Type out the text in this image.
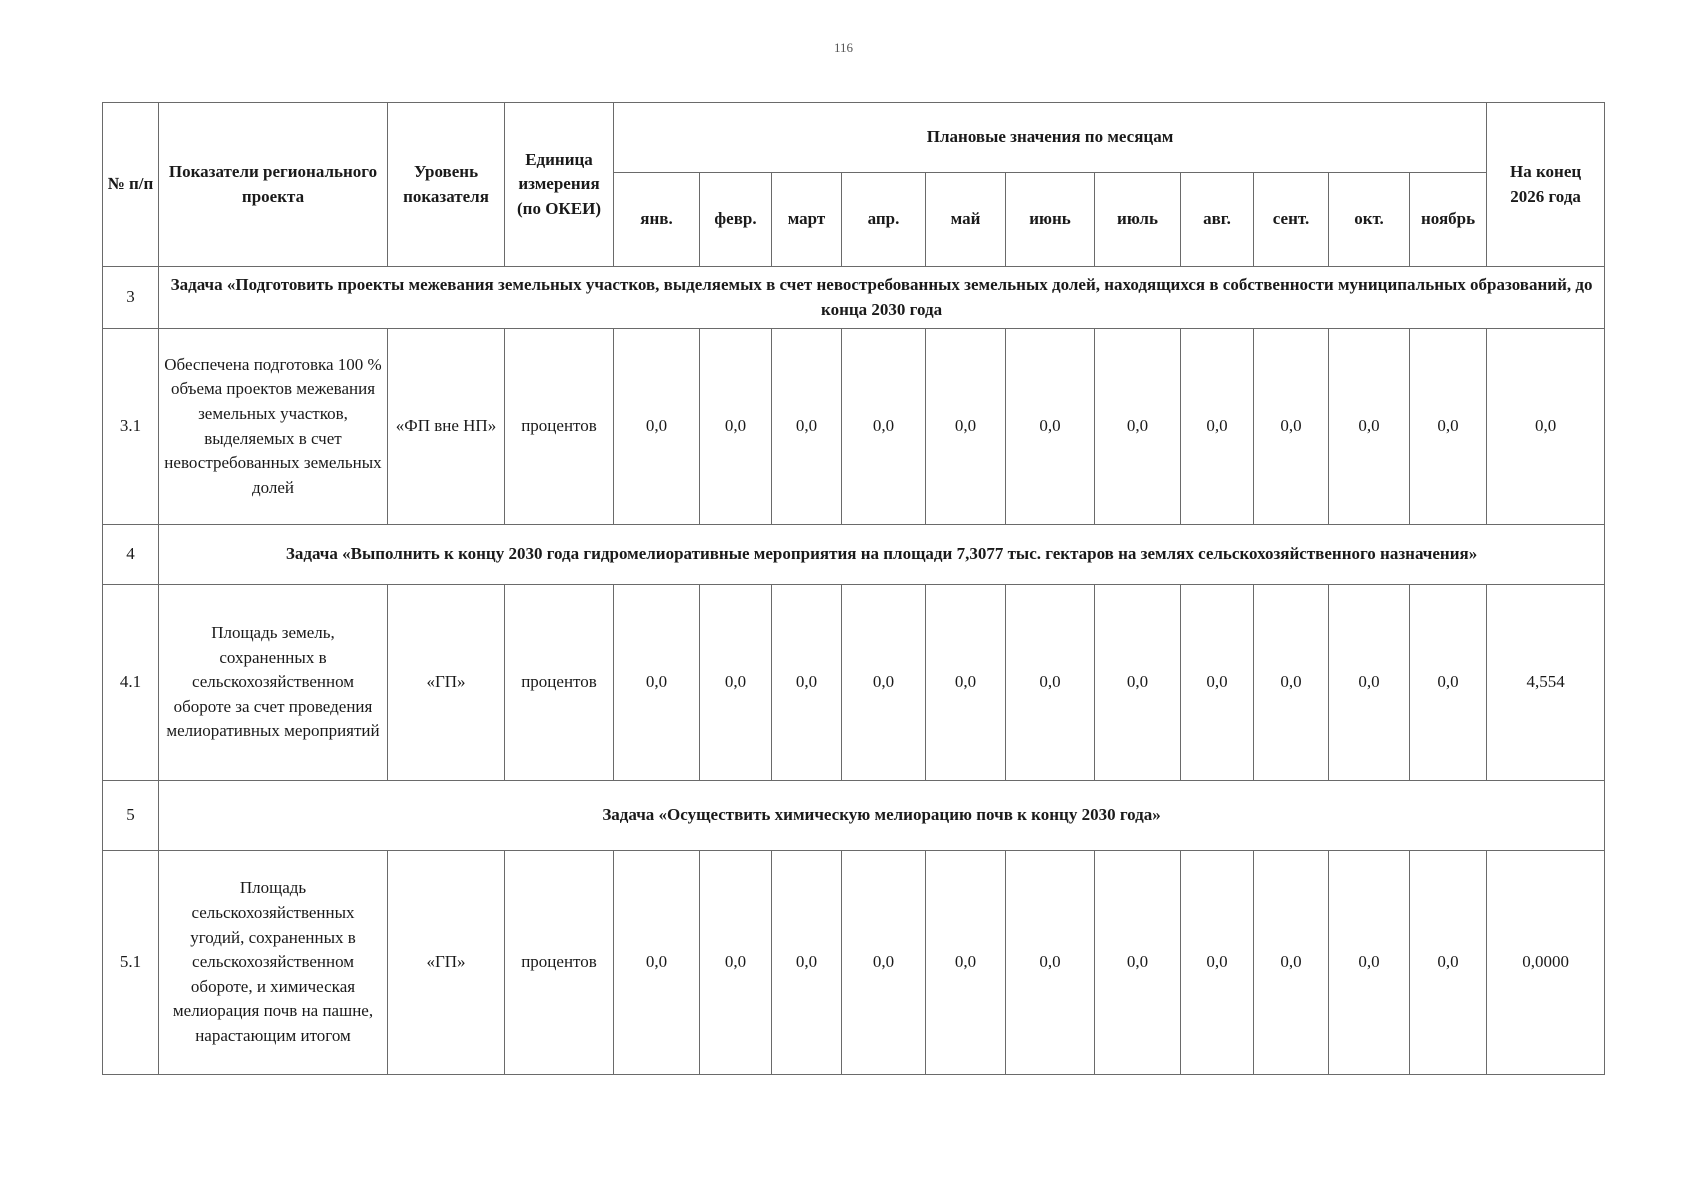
116
№ п/п	Показатели регионального проекта	Уровень показателя	Единица измерения (по ОКЕИ)	Плановые значения по месяцам											На конец 2026 года
				янв.	февр.	март	апр.	май	июнь	июль	авг.	сент.	окт.	ноябрь	
3	Задача «Подготовить проекты межевания земельных участков, выделяемых в счет невостребованных земельных долей, находящихся в собственности муниципальных образований, до конца 2030 года														
3.1	Обеспечена подготовка 100 % объема проектов межевания земельных участков, выделяемых в счет невостребованных земельных долей	«ФП вне НП»	процентов	0,0	0,0	0,0	0,0	0,0	0,0	0,0	0,0	0,0	0,0	0,0	0,0
4	Задача «Выполнить к концу 2030 года гидромелиоративные мероприятия на площади 7,3077 тыс. гектаров на землях сельскохозяйственного назначения»														
4.1	Площадь земель, сохраненных в сельскохозяйственном обороте за счет проведения мелиоративных мероприятий	«ГП»	процентов	0,0	0,0	0,0	0,0	0,0	0,0	0,0	0,0	0,0	0,0	0,0	4,554
5	Задача «Осуществить химическую мелиорацию почв к концу 2030 года»														
5.1	Площадь сельскохозяйственных угодий, сохраненных в сельскохозяйственном обороте, и химическая мелиорация почв на пашне, нарастающим итогом	«ГП»	процентов	0,0	0,0	0,0	0,0	0,0	0,0	0,0	0,0	0,0	0,0	0,0	0,0000
